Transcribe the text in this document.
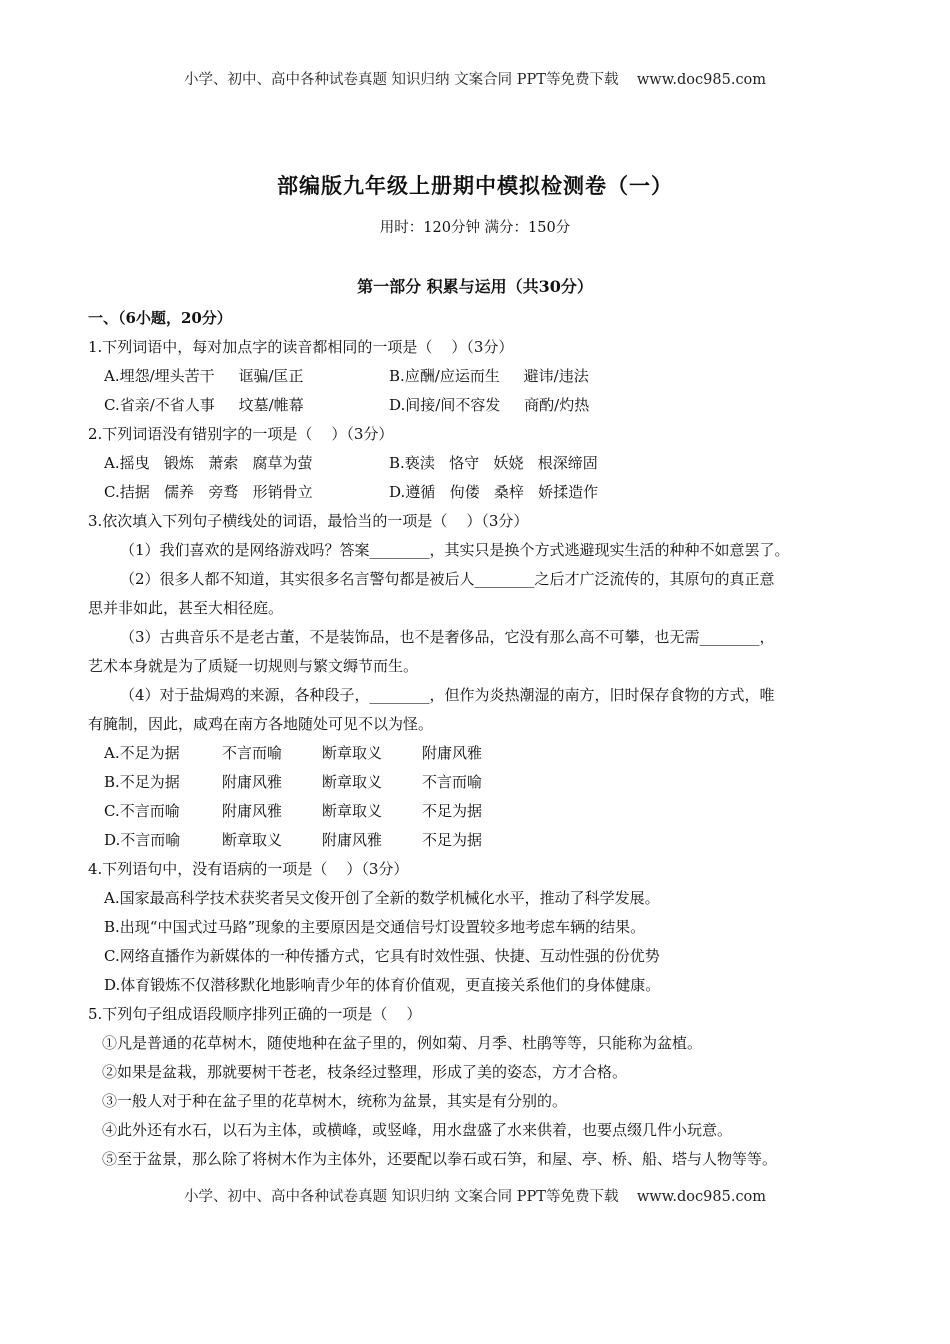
小学、初中、高中各种试卷真题 知识归纳 文案合同 PPT等免费下载    www.doc985.com
部编版九年级上册期中模拟检测卷（一）
用时：120分钟 满分：150分
第一部分 积累与运用（共30分）
一、（6小题，20分）
1.下列词语中，每对加点字的读音都相同的一项是（    ）（3分）
A.埋怨/埋头苦干     诓骗/匡正	B.应酬/应运而生     避讳/违法
C.省亲/不省人事     坟墓/帷幕	D.间接/间不容发     商酌/灼热
2.下列词语没有错别字的一项是（    ）（3分）
A.摇曳   锻炼   萧索   腐草为萤	B.亵渎   恪守   妖娆   根深缔固
C.拮据   儒养   旁骛   形销骨立	D.遵循   佝偻   桑梓   娇揉造作
3.依次填入下列句子横线处的词语，最恰当的一项是（    ）（3分）
（1）我们喜欢的是网络游戏吗？答案________，其实只是换个方式逃避现实生活的种种不如意罢了。
（2）很多人都不知道，其实很多名言警句都是被后人________之后才广泛流传的，其原句的真正意
思并非如此，甚至大相径庭。
（3）古典音乐不是老古董，不是装饰品，也不是奢侈品，它没有那么高不可攀，也无需________，
艺术本身就是为了质疑一切规则与繁文缛节而生。
（4）对于盐焗鸡的来源，各种段子，________，但作为炎热潮湿的南方，旧时保存食物的方式，唯
有腌制，因此，咸鸡在南方各地随处可见不以为怪。
A.不足为据	不言而喻	断章取义	附庸风雅
B.不足为据	附庸风雅	断章取义	不言而喻
C.不言而喻	附庸风雅	断章取义	不足为据
D.不言而喻	断章取义	附庸风雅	不足为据
4.下列语句中，没有语病的一项是（    ）（3分）
A.国家最高科学技术获奖者吴文俊开创了全新的数学机械化水平，推动了科学发展。
B.出现“中国式过马路”现象的主要原因是交通信号灯设置较多地考虑车辆的结果。
C.网络直播作为新媒体的一种传播方式，它具有时效性强、快捷、互动性强的份优势
D.体育锻炼不仅潜移默化地影响青少年的体育价值观，更直接关系他们的身体健康。
5.下列句子组成语段顺序排列正确的一项是（    ）
①凡是普通的花草树木，随使地种在盆子里的，例如菊、月季、杜鹃等等，只能称为盆植。
②如果是盆栽，那就要树干苍老，枝条经过整理，形成了美的姿态，方才合格。
③一般人对于种在盆子里的花草树木，统称为盆景，其实是有分别的。
④此外还有水石，以石为主体，或横峰，或竖峰，用水盘盛了水来供着，也要点缀几件小玩意。
⑤至于盆景，那么除了将树木作为主体外，还要配以拳石或石笋，和屋、亭、桥、船、塔与人物等等。
小学、初中、高中各种试卷真题 知识归纳 文案合同 PPT等免费下载    www.doc985.com
